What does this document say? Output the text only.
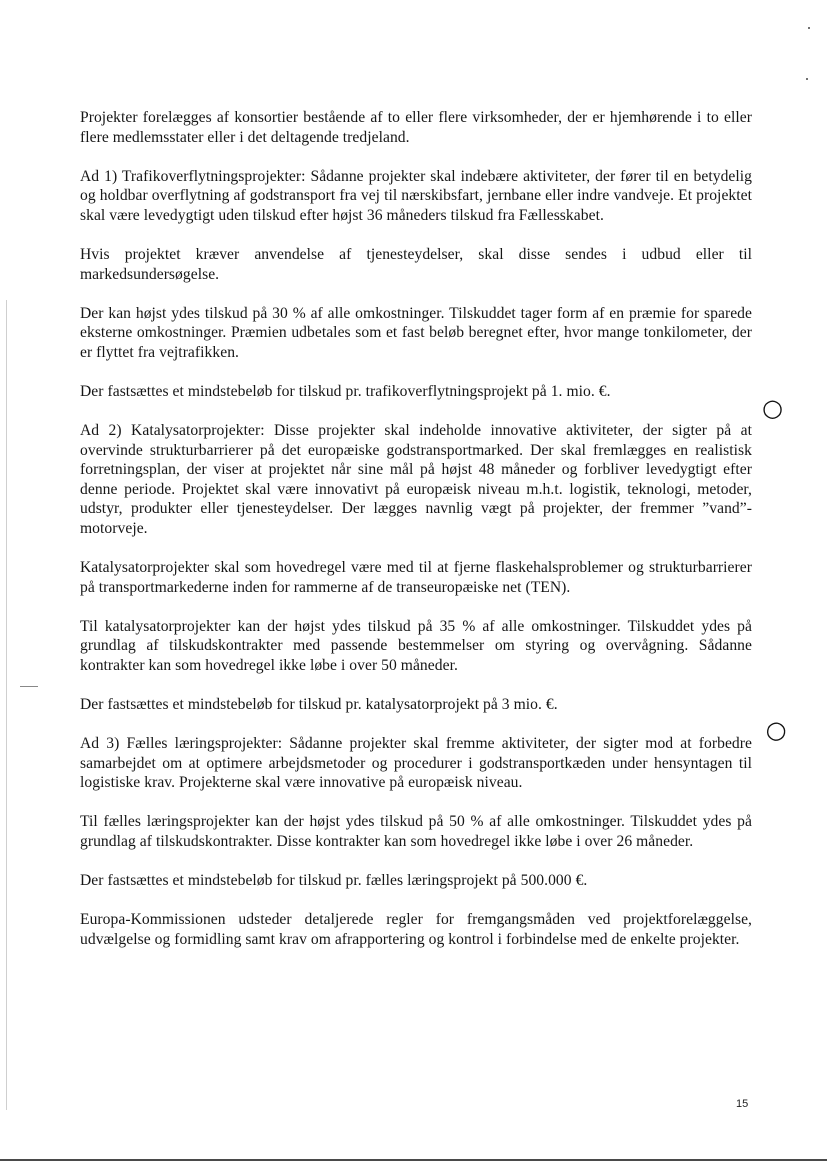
Projekter forelægges af konsortier bestående af to eller flere virksomheder, der er hjemhørende i to eller flere medlemsstater eller i det deltagende tredjeland.

Ad 1) Trafikoverflytningsprojekter: Sådanne projekter skal indebære aktiviteter, der fører til en betydelig og holdbar overflytning af godstransport fra vej til nærskibsfart, jernbane eller indre vandveje. Et projektet skal være levedygtigt uden tilskud efter højst 36 måneders tilskud fra Fællesskabet.

Hvis projektet kræver anvendelse af tjenesteydelser, skal disse sendes i udbud eller til markedsundersøgelse.

Der kan højst ydes tilskud på 30 % af alle omkostninger. Tilskuddet tager form af en præmie for sparede eksterne omkostninger. Præmien udbetales som et fast beløb beregnet efter, hvor mange tonkilometer, der er flyttet fra vejtrafikken.

Der fastsættes et mindstebeløb for tilskud pr. trafikoverflytningsprojekt på 1. mio. €.

Ad 2) Katalysatorprojekter: Disse projekter skal indeholde innovative aktiviteter, der sigter på at overvinde strukturbarrierer på det europæiske godstransportmarked. Der skal fremlægges en realistisk forretningsplan, der viser at projektet når sine mål på højst 48 måneder og forbliver levedygtigt efter denne periode. Projektet skal være innovativt på europæisk niveau m.h.t. logistik, teknologi, metoder, udstyr, produkter eller tjenesteydelser. Der lægges navnlig vægt på projekter, der fremmer ”vand”-motorveje.

Katalysatorprojekter skal som hovedregel være med til at fjerne flaskehalsproblemer og strukturbarrierer på transportmarkederne inden for rammerne af de transeuropæiske net (TEN).

Til katalysatorprojekter kan der højst ydes tilskud på 35 % af alle omkostninger. Tilskuddet ydes på grundlag af tilskudskontrakter med passende bestemmelser om styring og overvågning. Sådanne kontrakter kan som hovedregel ikke løbe i over 50 måneder.

Der fastsættes et mindstebeløb for tilskud pr. katalysatorprojekt på 3 mio. €.

Ad 3) Fælles læringsprojekter: Sådanne projekter skal fremme aktiviteter, der sigter mod at forbedre samarbejdet om at optimere arbejdsmetoder og procedurer i godstransportkæden under hensyntagen til logistiske krav. Projekterne skal være innovative på europæisk niveau.

Til fælles læringsprojekter kan der højst ydes tilskud på 50 % af alle omkostninger. Tilskuddet ydes på grundlag af tilskudskontrakter. Disse kontrakter kan som hovedregel ikke løbe i over 26 måneder.

Der fastsættes et mindstebeløb for tilskud pr. fælles læringsprojekt på 500.000 €.

Europa-Kommissionen udsteder detaljerede regler for fremgangsmåden ved projektforelæggelse, udvælgelse og formidling samt krav om afrapportering og kontrol i forbindelse med de enkelte projekter.

○
○
15
